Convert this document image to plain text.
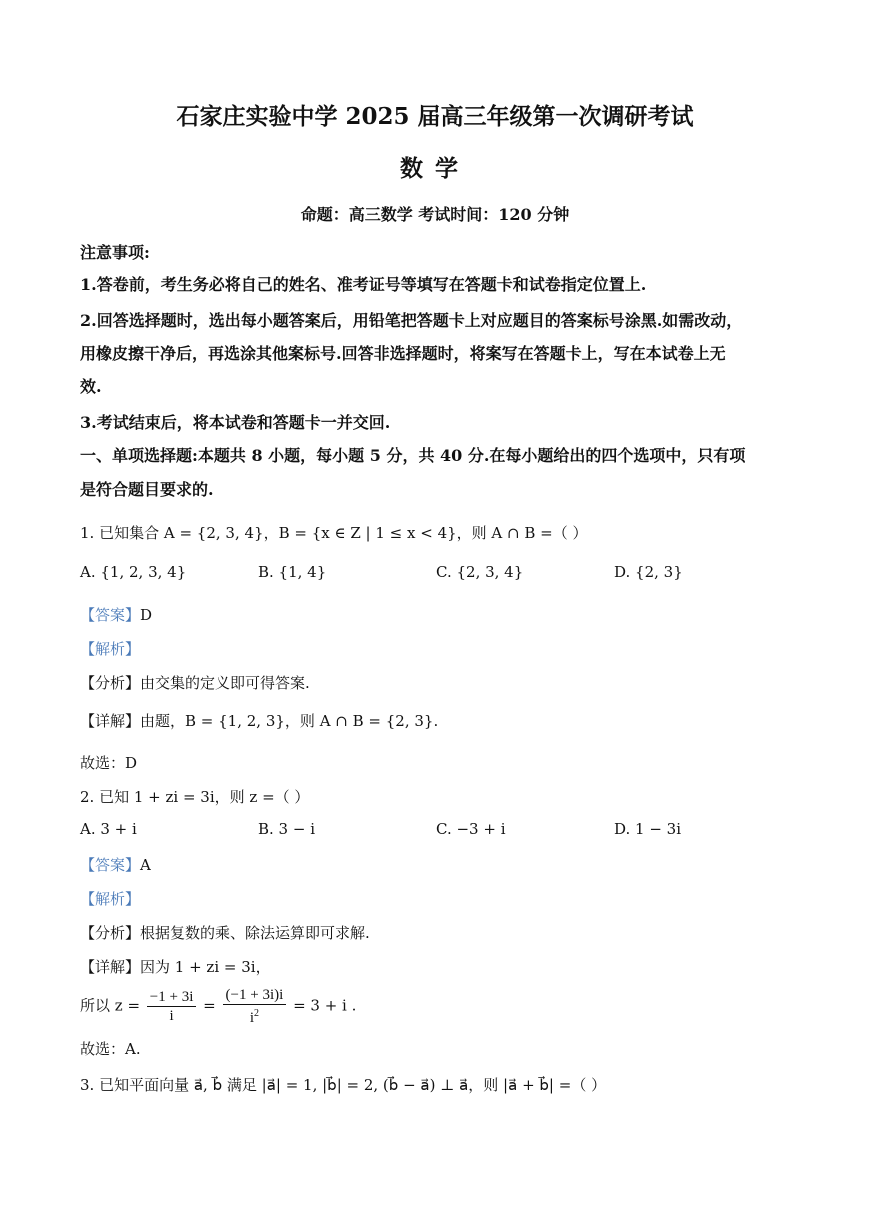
石家庄实验中学 2025 届高三年级第一次调研考试
数学
命题：高三数学 考试时间：120 分钟
注意事项:
1.答卷前，考生务必将自己的姓名、准考证号等填写在答题卡和试卷指定位置上.
2.回答选择题时，选出每小题答案后，用铅笔把答题卡上对应题目的答案标号涂黑.如需改动，
用橡皮擦干净后，再选涂其他案标号.回答非选择题时，将案写在答题卡上，写在本试卷上无
效.
3.考试结束后，将本试卷和答题卡一并交回.
一、单项选择题:本题共 8 小题，每小题 5 分，共 40 分.在每小题给出的四个选项中，只有项
是符合题目要求的.
1. 已知集合 A = {2, 3, 4}，B = {x ∈ Z | 1 ≤ x < 4}，则 A ∩ B =（ ）
A. {1, 2, 3, 4}	B. {1, 4}	C. {2, 3, 4}	D. {2, 3}
【答案】D
【解析】
【分析】由交集的定义即可得答案.
【详解】由题，B = {1, 2, 3}，则 A ∩ B = {2, 3}.
故选：D
2. 已知 1 + zi = 3i，则 z =（ ）
A. 3 + i	B. 3 − i	C. −3 + i	D. 1 − 3i
【答案】A
【解析】
【分析】根据复数的乘、除法运算即可求解.
【详解】因为 1 + zi = 3i，
所以 $z = \frac{-1 + 3i}{i} = \frac{(-1 + 3i)i}{i^2} = 3 + i$ .
故选：A.
3. 已知平面向量 a⃗, b⃗ 满足 |a⃗| = 1, |b⃗| = 2, (b⃗ − a⃗) ⊥ a⃗，则 |a⃗ + b⃗| =（ ）
